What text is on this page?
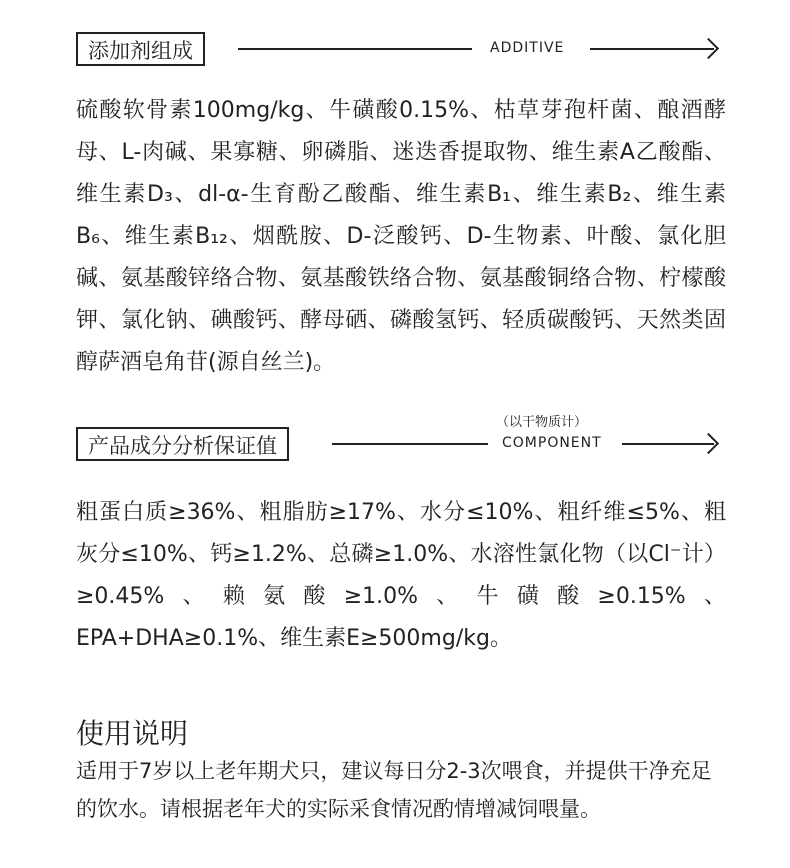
添加剂组成	ADDITIVE

硫酸软骨素100mg/kg、牛磺酸0.15%、枯草芽孢杆菌、酿酒酵母、L-肉碱、果寡糖、卵磷脂、迷迭香提取物、维生素A乙酸酯、维生素D₃、dl-α-生育酚乙酸酯、维生素B₁、维生素B₂、维生素B₆、维生素B₁₂、烟酰胺、D-泛酸钙、D-生物素、叶酸、氯化胆碱、氨基酸锌络合物、氨基酸铁络合物、氨基酸铜络合物、柠檬酸钾、氯化钠、碘酸钙、酵母硒、磷酸氢钙、轻质碳酸钙、天然类固醇萨酒皂角苷(源自丝兰)。

（以干物质计）
产品成分分析保证值	COMPONENT

粗蛋白质≥36%、粗脂肪≥17%、水分≤10%、粗纤维≤5%、粗灰分≤10%、钙≥1.2%、总磷≥1.0%、水溶性氯化物（以Cl⁻计）≥0.45%、赖氨酸≥1.0%、牛磺酸≥0.15%、EPA+DHA≥0.1%、维生素E≥500mg/kg。

使用说明

适用于7岁以上老年期犬只，建议每日分2-3次喂食，并提供干净充足的饮水。请根据老年犬的实际采食情况酌情增减饲喂量。
